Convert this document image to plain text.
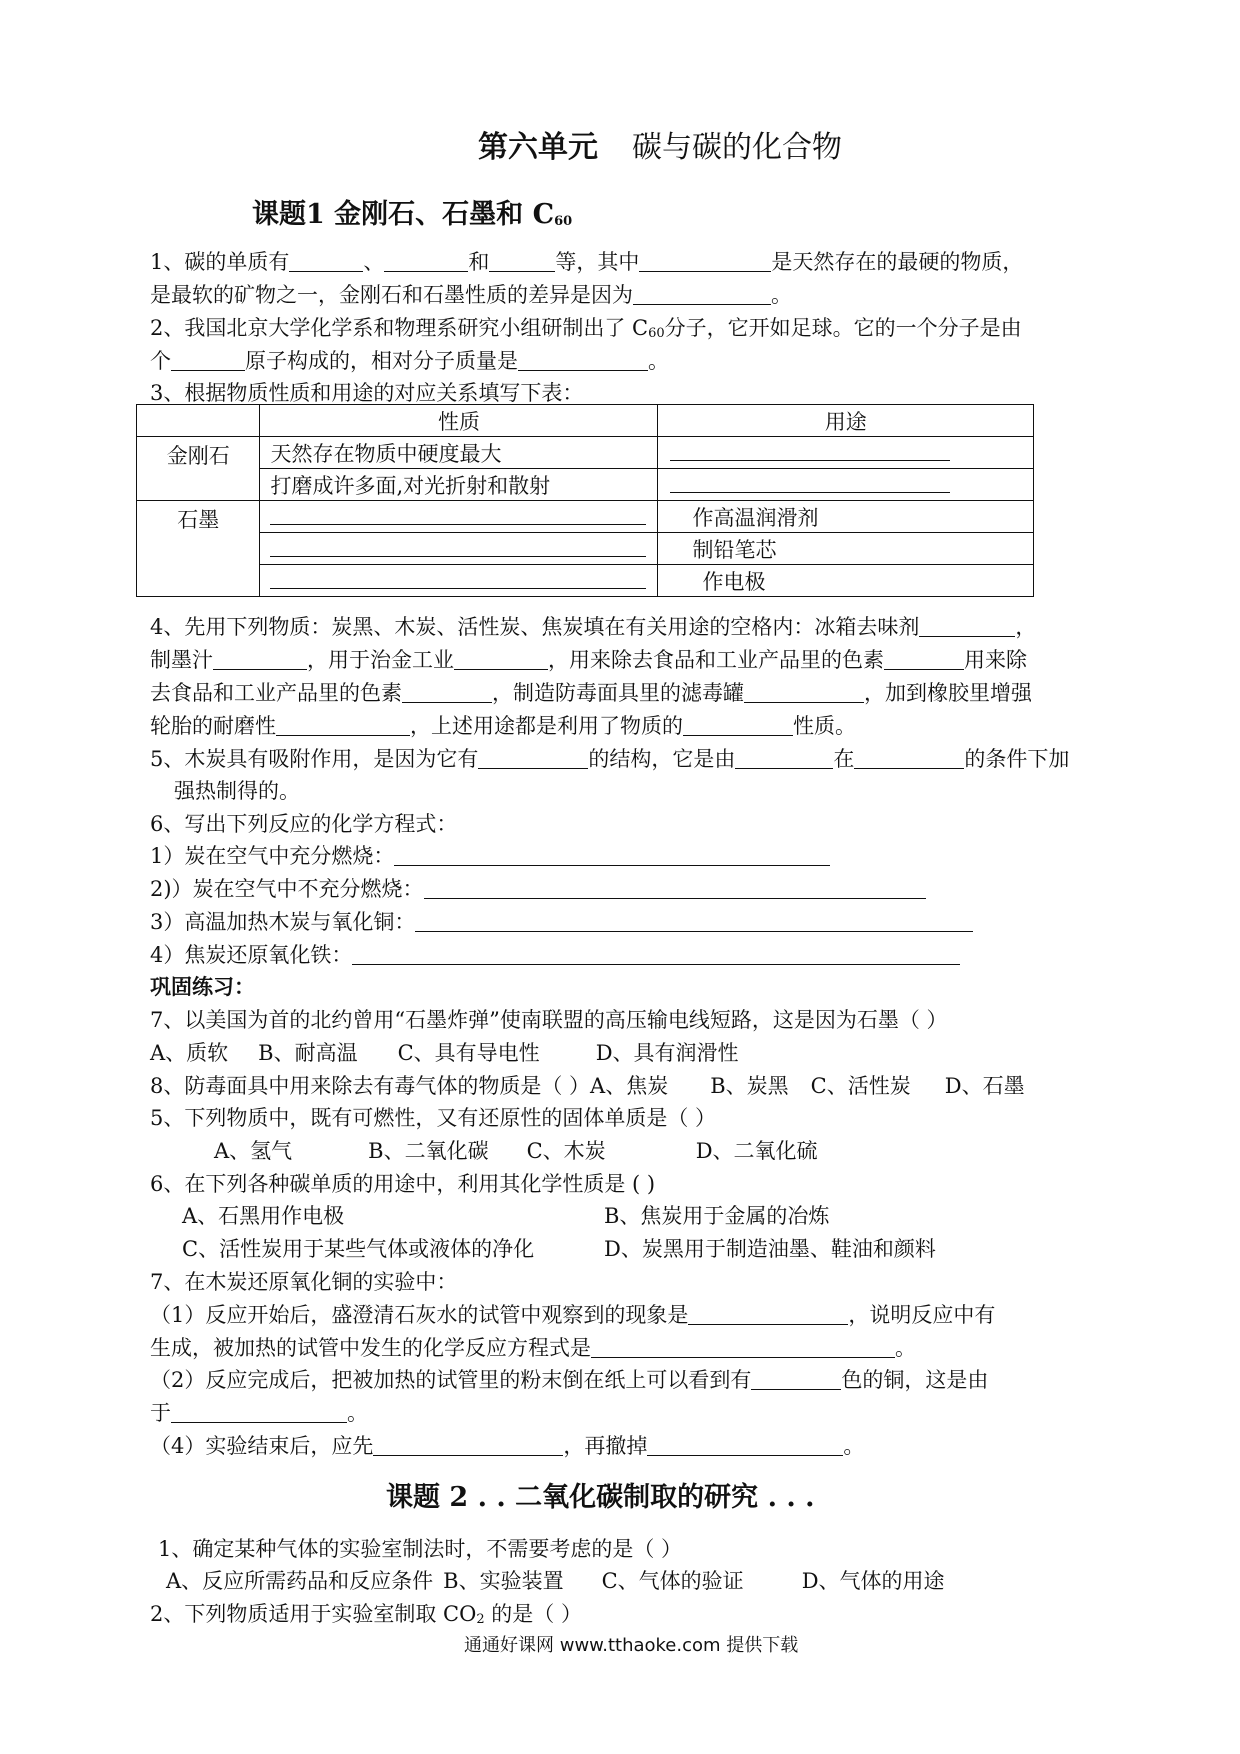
第六单元 碳与碳的化合物
课题1 金刚石、石墨和 C60
1、碳的单质有	、	和	等，其中	是天然存在的最硬的物质，
是最软的矿物之一，金刚石和石墨性质的差异是因为	。
2、我国北京大学化学系和物理系研究小组研制出了 C60分子，它开如足球。它的一个分子是由
个	原子构成的，相对分子质量是	。
3、根据物质性质和用途的对应关系填写下表：
	性质	用途
金刚石	天然存在物质中硬度最大	
	打磨成许多面,对光折射和散射	
石墨		作高温润滑剂
		制铅笔芯
		作电极
4、先用下列物质：炭黑、木炭、活性炭、焦炭填在有关用途的空格内：冰箱去味剂	，
制墨汁	，用于治金工业	，用来除去食品和工业产品里的色素	用来除
去食品和工业产品里的色素	，制造防毒面具里的滤毒罐	，加到橡胶里增强
轮胎的耐磨性	，上述用途都是利用了物质的	性质。
5、木炭具有吸附作用，是因为它有	的结构，它是由	在	的条件下加
强热制得的。
6、写出下列反应的化学方程式：
1）炭在空气中充分燃烧：
2)）炭在空气中不充分燃烧：
3）高温加热木炭与氧化铜：
4）焦炭还原氧化铁：
巩固练习：
7、以美国为首的北约曾用“石墨炸弹”使南联盟的高压输电线短路，这是因为石墨（ ）
A、质软 B、耐高温 C、具有导电性	D、具有润滑性
8、防毒面具中用来除去有毒气体的物质是（ ）A、焦炭 B、炭黑 C、活性炭 D、石墨
5、下列物质中，既有可燃性，又有还原性的固体单质是（ ）
A、氢气	B、二氧化碳 C、木炭	D、二氧化硫
6、在下列各种碳单质的用途中，利用其化学性质是 ( )
A、石黑用作电极	B、焦炭用于金属的冶炼
C、活性炭用于某些气体或液体的净化	D、炭黑用于制造油墨、鞋油和颜料
7、在木炭还原氧化铜的实验中：
（1）反应开始后，盛澄清石灰水的试管中观察到的现象是	，说明反应中有
生成，被加热的试管中发生的化学反应方程式是	。
（2）反应完成后，把被加热的试管里的粉末倒在纸上可以看到有	色的铜，这是由
于	。
（4）实验结束后，应先	，再撤掉	。
课题 2 . . 二氧化碳制取的研究 . . .
1、确定某种气体的实验室制法时，不需要考虑的是（ ）
A、反应所需药品和反应条件 B、实验装置 C、气体的验证	D、气体的用途
2、下列物质适用于实验室制取 CO2 的是（ ）
通通好课网 www.tthaoke.com 提供下载
